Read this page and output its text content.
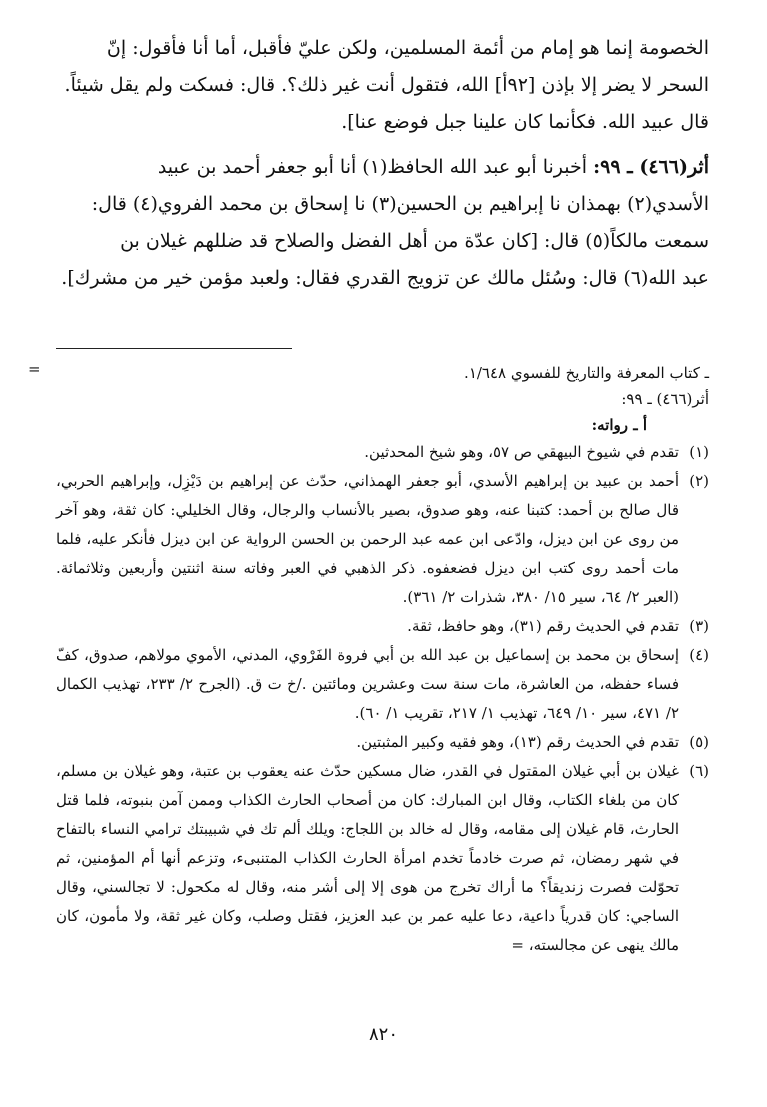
الخصومة إنما هو إمام من أئمة المسلمين، ولكن عليّ فأقبل، أما أنا فأقول: إنّ

السحر لا يضر إلا بإذن [٩٢أ] الله، فتقول أنت غير ذلك؟. قال: فسكت ولم يقل شيئاً.

قال عبيد الله. فكأنما كان علينا جبل فوضع عنا].

أثر(٤٦٦) ـ ٩٩: أخبرنا أبو عبد الله الحافظ(١) أنا أبو جعفر أحمد بن عبيد

الأسدي(٢) بهمذان نا إبراهيم بن الحسين(٣) نا إسحاق بن محمد الفروي(٤) قال:

سمعت مالكاً(٥) قال: [كان عدّة من أهل الفضل والصلاح قد ضللهم غيلان بن

عبد الله(٦) قال: وسُئل مالك عن تزويج القدري فقال: ولعبد مؤمن خير من مشرك].

=	ـ كتاب المعرفة والتاريخ للفسوي ١/٦٤٨.

أثر(٤٦٦) ـ ٩٩:

أ ـ رواته:

(١)
تقدم في شيوخ البيهقي ص ٥٧، وهو شيخ المحدثين.
(٢)
أحمد بن عبيد بن إبراهيم الأسدي، أبو جعفر الهمذاني، حدّث عن إبراهيم بن دَيْزِل، وإبراهيم الحربي، قال صالح بن أحمد: كتبنا عنه، وهو صدوق، بصير بالأنساب والرجال، وقال الخليلي: كان ثقة، وهو آخر من روى عن ابن ديزل، وادّعى ابن عمه عبد الرحمن بن الحسن الرواية عن ابن ديزل فأنكر عليه، فلما مات أحمد روى كتب ابن ديزل فضعفوه. ذكر الذهبي في العبر وفاته سنة اثنتين وأربعين وثلاثمائة. (العبر ٢/ ٦٤، سير ١٥/ ٣٨٠، شذرات ٢/ ٣٦١).
(٣)
تقدم في الحديث رقم (٣١)، وهو حافظ، ثقة.
(٤)
إسحاق بن محمد بن إسماعيل بن عبد الله بن أبي فروة الفَرْوي، المدني، الأموي مولاهم، صدوق، كفّ فساء حفظه، من العاشرة، مات سنة ست وعشرين ومائتين ./خ ت ق. (الجرح ٢/ ٢٣٣، تهذيب الكمال ٢/ ٤٧١، سير ١٠/ ٦٤٩، تهذيب ١/ ٢١٧، تقريب ١/ ٦٠).
(٥)
تقدم في الحديث رقم (١٣)، وهو فقيه وكبير المثبتين.
(٦)
غيلان بن أبي غيلان المقتول في القدر، ضال مسكين حدّث عنه يعقوب بن عتبة، وهو غيلان بن مسلم، كان من بلغاء الكتاب، وقال ابن المبارك: كان من أصحاب الحارث الكذاب وممن آمن بنبوته، فلما قتل الحارث، قام غيلان إلى مقامه، وقال له خالد بن اللجاج: ويلك ألم تك في شبيبتك ترامي النساء بالتفاح في شهر رمضان، ثم صرت خادماً تخدم امرأة الحارث الكذاب المتنبىء، وتزعم أنها أم المؤمنين، ثم تحوّلت فصرت زنديقاً؟ ما أراك تخرج من هوى إلا إلى أشر منه، وقال له مكحول: لا تجالسني، وقال الساجي: كان قدرياً داعية، دعا عليه عمر بن عبد العزيز، فقتل وصلب، وكان غير ثقة، ولا مأمون، كان مالك ينهى عن مجالسته، =
٨٢٠
